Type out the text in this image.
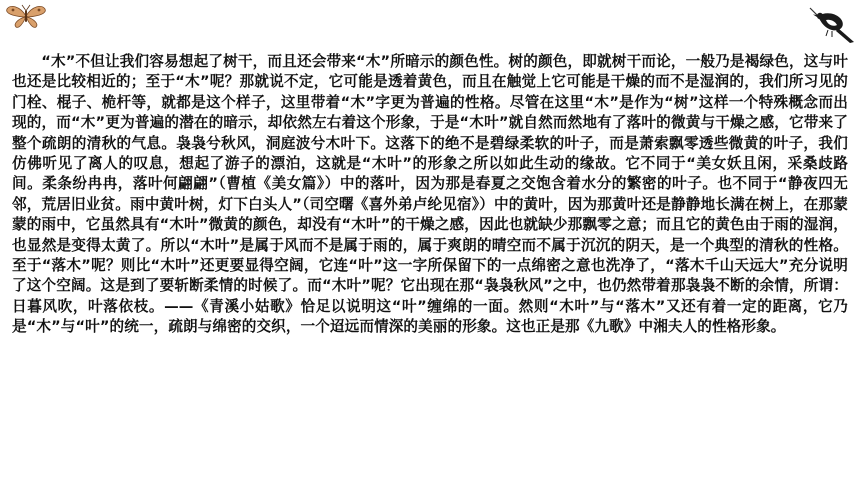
“木”不但让我们容易想起了树干，而且还会带来“木”所暗示的颜色性。树的颜色，即就树干而论，一般乃是褐绿色，这与叶也还是比较相近的；至于“木”呢？那就说不定，它可能是透着黄色，而且在触觉上它可能是干燥的而不是湿润的，我们所习见的门栓、棍子、桅杆等，就都是这个样子，这里带着“木”字更为普遍的性格。尽管在这里“木”是作为“树”这样一个特殊概念而出现的，而“木”更为普遍的潜在的暗示，却依然左右着这个形象，于是“木叶”就自然而然地有了落叶的微黄与干燥之感，它带来了整个疏朗的清秋的气息。袅袅兮秋风，洞庭波兮木叶下。这落下的绝不是碧绿柔软的叶子，而是萧索飘零透些微黄的叶子，我们仿佛听见了离人的叹息，想起了游子的漂泊，这就是“木叶”的形象之所以如此生动的缘故。它不同于“美女妖且闲，采桑歧路间。柔条纷冉冉，落叶何翩翩”（曹植《美女篇》）中的落叶，因为那是春夏之交饱含着水分的繁密的叶子。也不同于“静夜四无邻，荒居旧业贫。雨中黄叶树，灯下白头人”（司空曙《喜外弟卢纶见宿》）中的黄叶，因为那黄叶还是静静地长满在树上，在那蒙蒙的雨中，它虽然具有“木叶”微黄的颜色，却没有“木叶”的干燥之感，因此也就缺少那飘零之意；而且它的黄色由于雨的湿润，也显然是变得太黄了。所以“木叶”是属于风而不是属于雨的，属于爽朗的晴空而不属于沉沉的阴天，是一个典型的清秋的性格。至于“落木”呢？则比“木叶”还更要显得空阔，它连“叶”这一字所保留下的一点绵密之意也洗净了，“落木千山天远大”充分说明了这个空阔。这是到了要斩断柔情的时候了。而“木叶”呢？它出现在那“袅袅秋风”之中，也仍然带着那袅袅不断的余情，所谓：日暮风吹，叶落依枝。——《青溪小姑歌》恰足以说明这“叶”缠绵的一面。然则“木叶”与“落木”又还有着一定的距离，它乃是“木”与“叶”的统一，疏朗与绵密的交织，一个迢远而情深的美丽的形象。这也正是那《九歌》中湘夫人的性格形象。
